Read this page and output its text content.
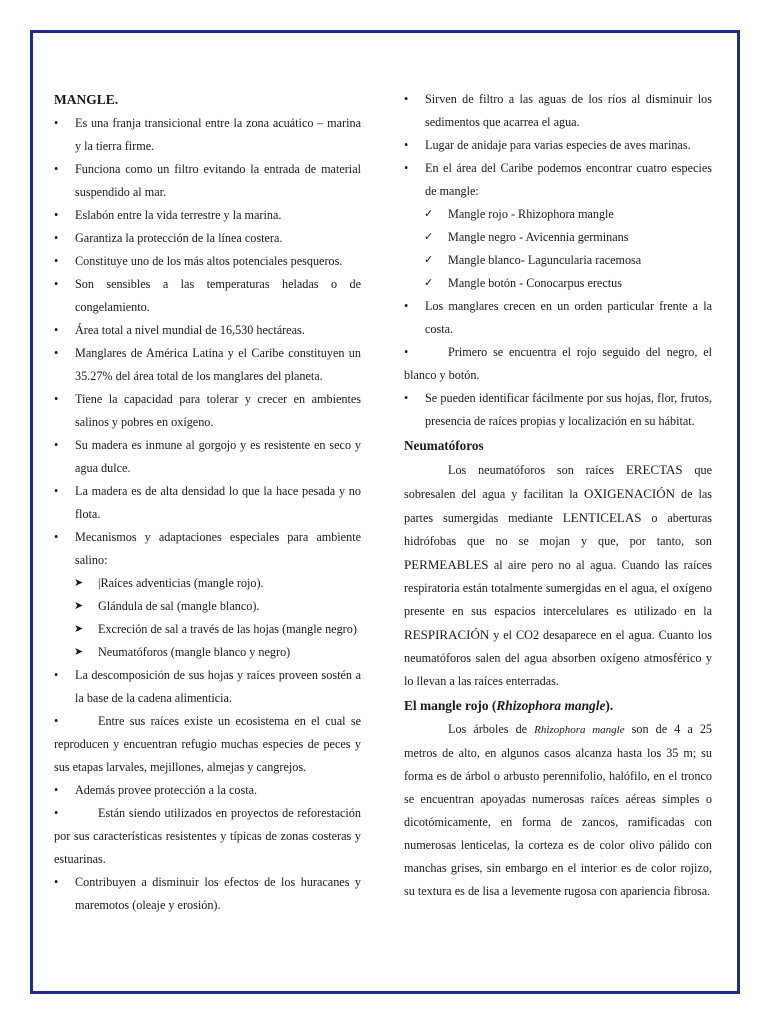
MANGLE.

•	Es una franja transicional entre la zona acuático – marina y la tierra firme.

•	Funciona como un filtro evitando la entrada de material suspendido al mar.

•	Eslabón entre la vida terrestre y la marina.

•	Garantiza la protección de la línea costera.

•	Constituye uno de los más altos potenciales pesqueros.

•	Son sensibles a las temperaturas heladas o de congelamiento.

•	Área total a nivel mundial de 16,530 hectáreas.

•	Manglares de América Latina y el Caribe constituyen un 35.27% del área total de los manglares del planeta.

•	Tiene la capacidad para tolerar y crecer en ambientes salinos y pobres en oxígeno.

•	Su madera es inmune al gorgojo y es resistente en seco y agua dulce.

•	La madera es de alta densidad lo que la hace pesada y no flota.

•	Mecanismos y adaptaciones especiales para ambiente salino:

➤	|Raíces adventicias (mangle rojo).

➤	Glándula de sal (mangle blanco).

➤	Excreción de sal a través de las hojas (mangle negro)

➤	Neumatóforos (mangle blanco y negro)

•	La descomposición de sus hojas y raíces proveen sostén a la base de la cadena alimenticia.

•	Entre sus raíces existe un ecosistema en el cual se reproducen y encuentran refugio muchas especies de peces y sus etapas larvales, mejillones, almejas y cangrejos.

•	Además provee protección a la costa.

•	Están siendo utilizados en proyectos de reforestación por sus características resistentes y típicas de zonas costeras y estuarinas.

•	Contribuyen a disminuir los efectos de los huracanes y maremotos (oleaje y erosión).

•	Sirven de filtro a las aguas de los ríos al disminuir los sedimentos que acarrea el agua.

•	Lugar de anidaje para varias especies de aves marinas.

•	En el área del Caribe podemos encontrar cuatro especies de mangle:

✓	Mangle rojo - Rhizophora mangle

✓	Mangle negro - Avicennia germinans

✓	Mangle blanco- Laguncularia racemosa

✓	Mangle botón - Conocarpus erectus

•	Los manglares crecen en un orden particular frente a la costa.

•	Primero se encuentra el rojo seguido del negro, el blanco y botón.

•	Se pueden identificar fácilmente por sus hojas, flor, frutos, presencia de raíces propias y localización en su hábitat.

Neumatóforos

Los neumatóforos son raíces ERECTAS que sobresalen del agua y facilitan la OXIGENACIÓN de las partes sumergidas mediante LENTICELAS o aberturas hidrófobas que no se mojan y que, por tanto, son PERMEABLES al aire pero no al agua. Cuando las raíces respiratoria están totalmente sumergidas en el agua, el oxígeno presente en sus espacios intercelulares es utilizado en la RESPIRACIÓN y el CO2 desaparece en el agua. Cuanto los neumatóforos salen del agua absorben oxígeno atmosférico y lo llevan a las raíces enterradas.

El mangle rojo (Rhizophora mangle).

Los árboles de Rhizophora mangle son de 4 a 25 metros de alto, en algunos casos alcanza hasta los 35 m; su forma es de árbol o arbusto perennifolio, halófilo, en el tronco se encuentran apoyadas numerosas raíces aéreas simples o dicotómicamente, en forma de zancos, ramificadas con numerosas lenticelas, la corteza es de color olivo pálido con manchas grises, sin embargo en el interior es de color rojizo, su textura es de lisa a levemente rugosa con apariencia fibrosa.
